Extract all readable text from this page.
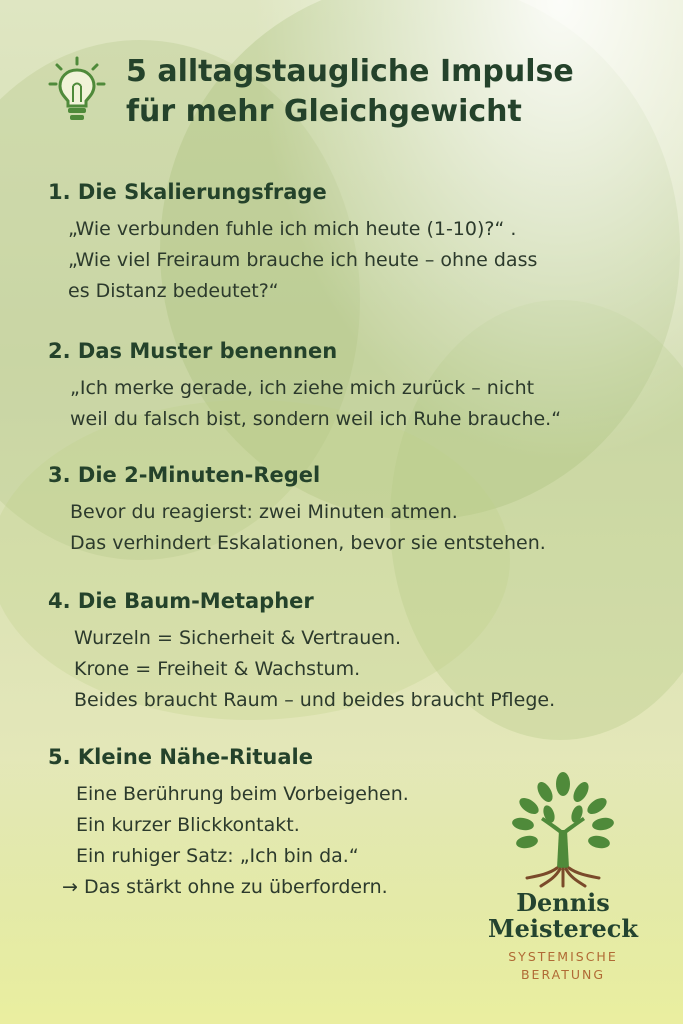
5 alltagstaugliche Impulse
für mehr Gleichgewicht
1. Die Skalierungsfrage
„Wie verbunden fuhle ich mich heute (1-10)?“ .
„Wie viel Freiraum brauche ich heute – ohne dass
es Distanz bedeutet?“
2. Das Muster benennen
„Ich merke gerade, ich ziehe mich zurück – nicht
weil du falsch bist, sondern weil ich Ruhe brauche.“
3. Die 2-Minuten-Regel
Bevor du reagierst: zwei Minuten atmen.
Das verhindert Eskalationen, bevor sie entstehen.
4. Die Baum-Metapher
Wurzeln = Sicherheit & Vertrauen.
Krone = Freiheit & Wachstum.
Beides braucht Raum – und beides braucht Pflege.
5. Kleine Nähe-Rituale
Eine Berührung beim Vorbeigehen.
Ein kurzer Blickkontakt.
Ein ruhiger Satz: „Ich bin da.“
→ Das stärkt ohne zu überfordern.
Dennis
Meistereck
SYSTEMISCHE
BERATUNG
